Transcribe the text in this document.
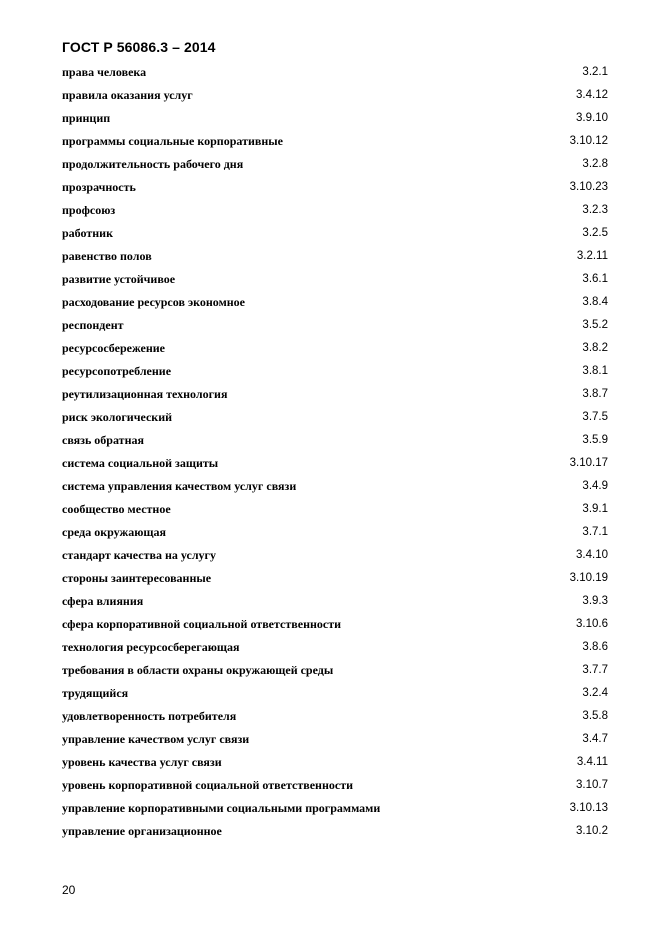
ГОСТ Р 56086.3 – 2014
права человека	3.2.1
правила оказания услуг	3.4.12
принцип	3.9.10
программы социальные корпоративные	3.10.12
продолжительность рабочего дня	3.2.8
прозрачность	3.10.23
профсоюз	3.2.3
работник	3.2.5
равенство полов	3.2.11
развитие устойчивое	3.6.1
расходование ресурсов экономное	3.8.4
респондент	3.5.2
ресурсосбережение	3.8.2
ресурсопотребление	3.8.1
реутилизационная технология	3.8.7
риск экологический	3.7.5
связь обратная	3.5.9
система социальной защиты	3.10.17
система управления качеством услуг связи	3.4.9
сообщество местное	3.9.1
среда окружающая	3.7.1
стандарт качества на услугу	3.4.10
стороны заинтересованные	3.10.19
сфера влияния	3.9.3
сфера корпоративной социальной ответственности	3.10.6
технология ресурсосберегающая	3.8.6
требования в области охраны окружающей среды	3.7.7
трудящийся	3.2.4
удовлетворенность потребителя	3.5.8
управление качеством услуг связи	3.4.7
уровень качества услуг связи	3.4.11
уровень корпоративной социальной ответственности	3.10.7
управление корпоративными социальными программами	3.10.13
управление организационное	3.10.2
20
